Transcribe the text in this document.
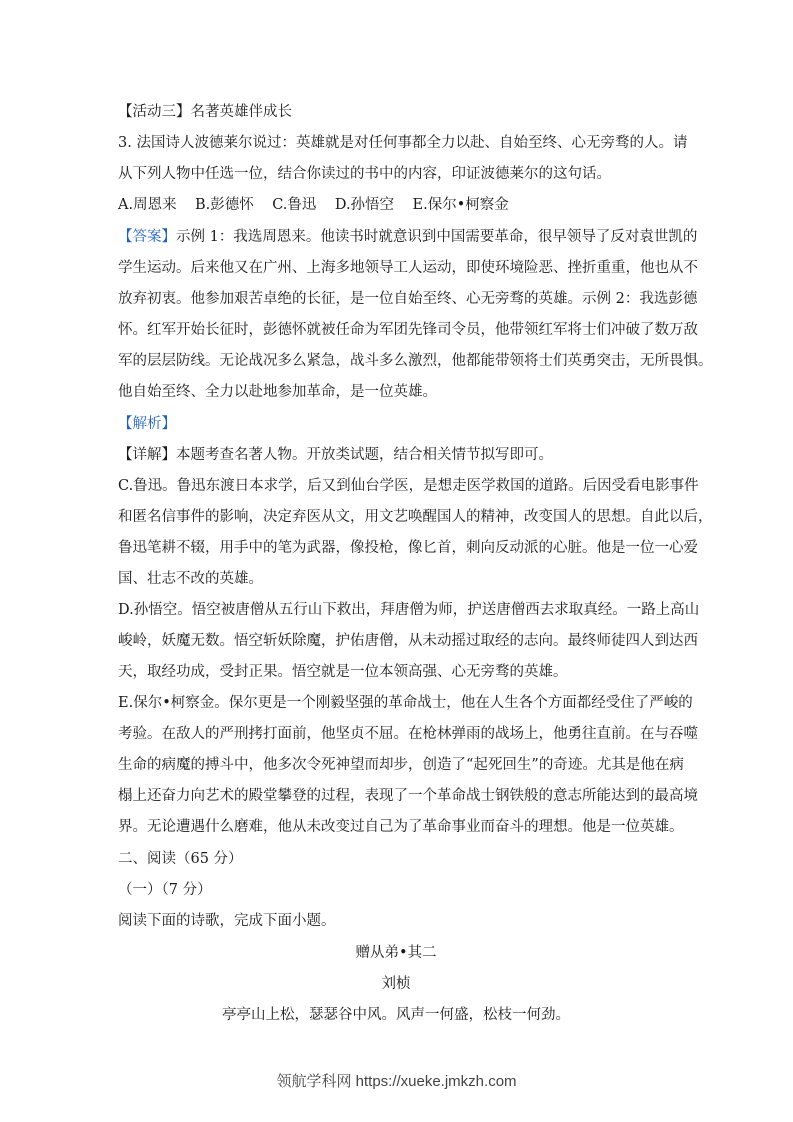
【活动三】名著英雄伴成长
3. 法国诗人波德莱尔说过：英雄就是对任何事都全力以赴、自始至终、心无旁骛的人。请
从下列人物中任选一位，结合你读过的书中的内容，印证波德莱尔的这句话。
A.周恩来    B.彭德怀    C.鲁迅    D.孙悟空    E.保尔•柯察金
【答案】示例 1：我选周恩来。他读书时就意识到中国需要革命，很早领导了反对袁世凯的
学生运动。后来他又在广州、上海多地领导工人运动，即使环境险恶、挫折重重，他也从不
放弃初衷。他参加艰苦卓绝的长征，是一位自始至终、心无旁骛的英雄。示例 2：我选彭德
怀。红军开始长征时，彭德怀就被任命为军团先锋司令员，他带领红军将士们冲破了数万敌
军的层层防线。无论战况多么紧急，战斗多么激烈，他都能带领将士们英勇突击，无所畏惧。
他自始至终、全力以赴地参加革命，是一位英雄。
【解析】
【详解】本题考查名著人物。开放类试题，结合相关情节拟写即可。
C.鲁迅。鲁迅东渡日本求学，后又到仙台学医，是想走医学救国的道路。后因受看电影事件
和匿名信事件的影响，决定弃医从文，用文艺唤醒国人的精神，改变国人的思想。自此以后，
鲁迅笔耕不辍，用手中的笔为武器，像投枪，像匕首，刺向反动派的心脏。他是一位一心爱
国、壮志不改的英雄。
D.孙悟空。悟空被唐僧从五行山下救出，拜唐僧为师，护送唐僧西去求取真经。一路上高山
峻岭，妖魔无数。悟空斩妖除魔，护佑唐僧，从未动摇过取经的志向。最终师徒四人到达西
天，取经功成，受封正果。悟空就是一位本领高强、心无旁骛的英雄。
E.保尔•柯察金。保尔更是一个刚毅坚强的革命战士，他在人生各个方面都经受住了严峻的
考验。在敌人的严刑拷打面前，他坚贞不屈。在枪林弹雨的战场上，他勇往直前。在与吞噬
生命的病魔的搏斗中，他多次令死神望而却步，创造了“起死回生”的奇迹。尤其是他在病
榻上还奋力向艺术的殿堂攀登的过程，表现了一个革命战士钢铁般的意志所能达到的最高境
界。无论遭遇什么磨难，他从未改变过自己为了革命事业而奋斗的理想。他是一位英雄。
二、阅读（65 分）
（一）（7 分）
阅读下面的诗歌，完成下面小题。
赠从弟•其二
刘桢
亭亭山上松，瑟瑟谷中风。风声一何盛，松枝一何劲。
领航学科网 https://xueke.jmkzh.com
